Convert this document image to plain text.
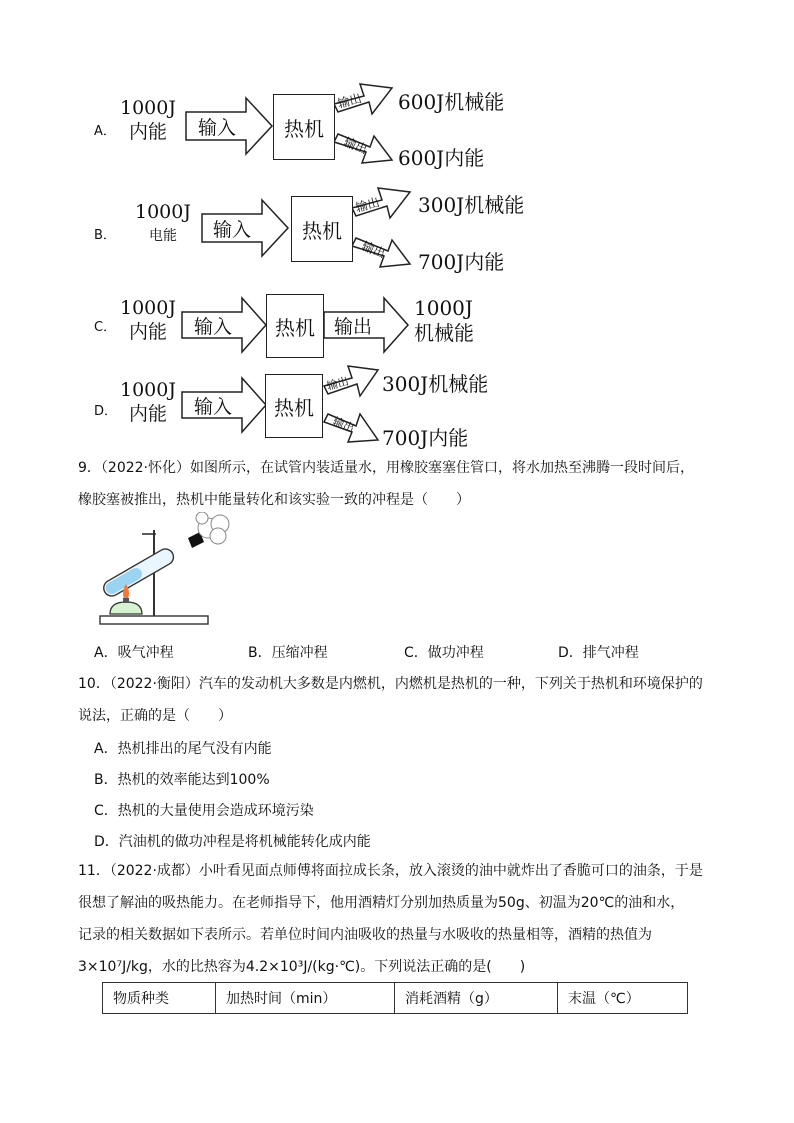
A．
1000J
内能	输入
输出
输出
热机
600J机械能
600J内能
B．
1000J
电能	输入
输出
输出
热机
300J机械能
700J内能
C．
1000J
内能	输入	输出
热机
1000J
机械能
D．
1000J
内能	输入
输出
输出
热机
300J机械能
700J内能
9．（2022·怀化）如图所示，在试管内装适量水，用橡胶塞塞住管口，将水加热至沸腾一段时间后，
橡胶塞被推出，热机中能量转化和该实验一致的冲程是（　　）
A．吸气冲程	B．压缩冲程	C．做功冲程	D．排气冲程
10．（2022·衡阳）汽车的发动机大多数是内燃机，内燃机是热机的一种，下列关于热机和环境保护的
说法，正确的是（　　）
A．热机排出的尾气没有内能
B．热机的效率能达到100%
C．热机的大量使用会造成环境污染
D．汽油机的做功冲程是将机械能转化成内能
11．（2022·成都）小叶看见面点师傅将面拉成长条，放入滚烫的油中就炸出了香脆可口的油条，于是
很想了解油的吸热能力。在老师指导下，他用酒精灯分别加热质量为50g、初温为20℃的油和水，
记录的相关数据如下表所示。若单位时间内油吸收的热量与水吸收的热量相等，酒精的热值为
3×10⁷J/kg，水的比热容为4.2×10³J/(kg·℃)。下列说法正确的是(　　)
物质种类	加热时间（min）	消耗酒精（g）	末温（℃）
